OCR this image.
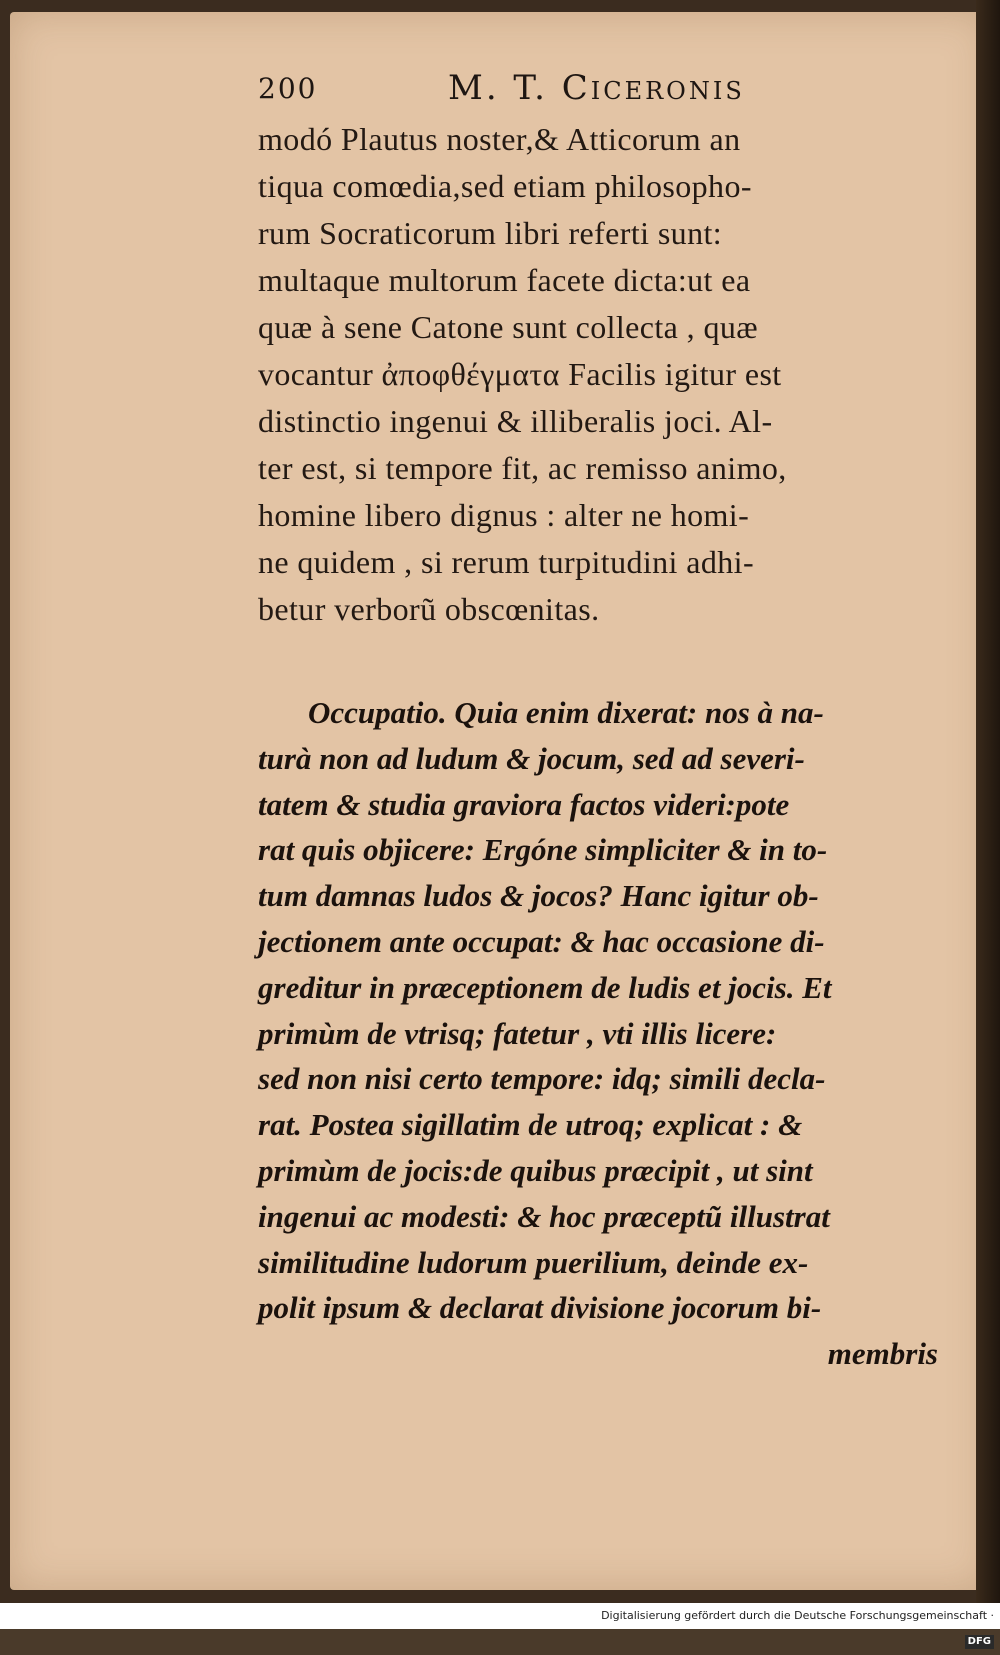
200	M. T. Ciceronis
modó Plautus noster,& Atticorum an
tiqua comœdia,sed etiam philosopho-
rum Socraticorum libri referti sunt:
multaque multorum facete dicta:ut ea
quæ à sene Catone sunt collecta , quæ
vocantur ἀποφθέγματα Facilis igitur est
distinctio ingenui & illiberalis joci. Al-
ter est, si tempore fit, ac remisso animo,
homine libero dignus : alter ne homi-
ne quidem , si rerum turpitudini adhi-
betur verborũ obscœnitas.
Occupatio. Quia enim dixerat: nos à na-
turà non ad ludum & jocum, sed ad severi-
tatem & studia graviora factos videri:pote
rat quis objicere: Ergóne simpliciter & in to-
tum damnas ludos & jocos? Hanc igitur ob-
jectionem ante occupat: & hac occasione di-
greditur in præceptionem de ludis et jocis. Et
primùm de vtrisq; fatetur , vti illis licere:
sed non nisi certo tempore: idq; simili decla-
rat. Postea sigillatim de utroq; explicat : &
primùm de jocis:de quibus præcipit , ut sint
ingenui ac modesti: & hoc præceptũ illustrat
similitudine ludorum puerilium, deinde ex-
polit ipsum & declarat divisione jocorum bi-
membris
Digitalisierung gefördert durch die Deutsche Forschungsgemeinschaft · DFG
